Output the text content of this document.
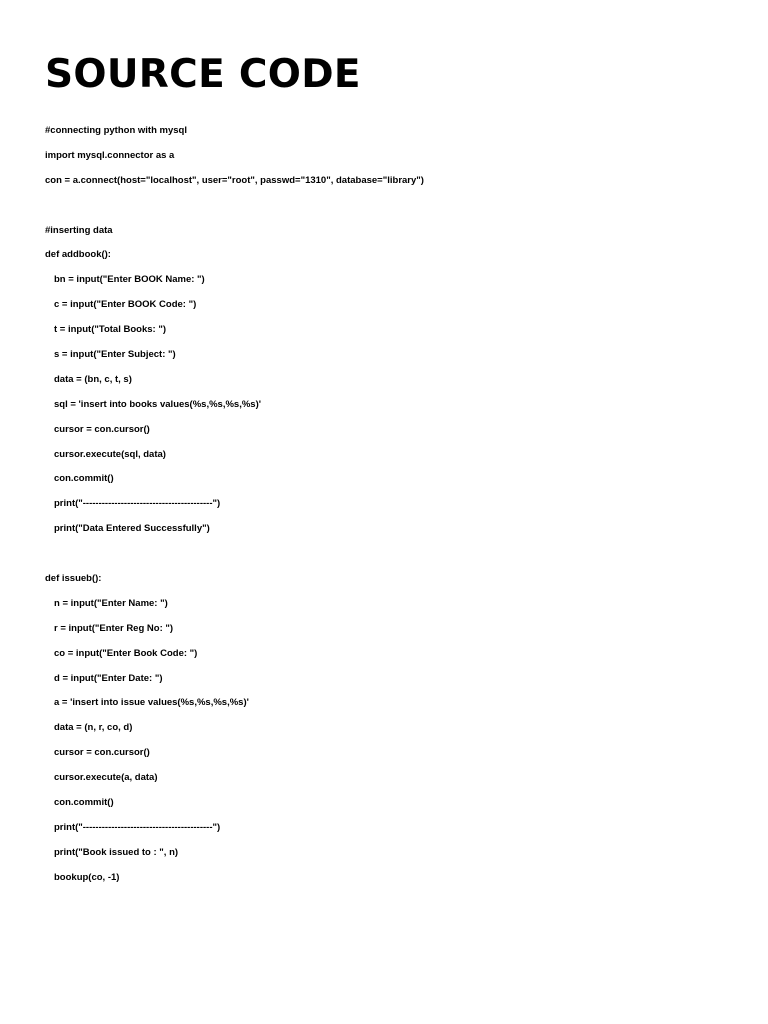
SOURCE CODE
#connecting python with mysql
import mysql.connector as a
con = a.connect(host="localhost", user="root", passwd="1310", database="library")
#inserting data
def addbook():
bn = input("Enter BOOK Name: ")
c = input("Enter BOOK Code: ")
t = input("Total Books: ")
s = input("Enter Subject: ")
data = (bn, c, t, s)
sql = 'insert into books values(%s,%s,%s,%s)'
cursor = con.cursor()
cursor.execute(sql, data)
con.commit()
print("-----------------------------------------")
print("Data Entered Successfully")
def issueb():
n = input("Enter Name: ")
r = input("Enter Reg No: ")
co = input("Enter Book Code: ")
d = input("Enter Date: ")
a = 'insert into issue values(%s,%s,%s,%s)'
data = (n, r, co, d)
cursor = con.cursor()
cursor.execute(a, data)
con.commit()
print("-----------------------------------------")
print("Book issued to : ", n)
bookup(co, -1)
